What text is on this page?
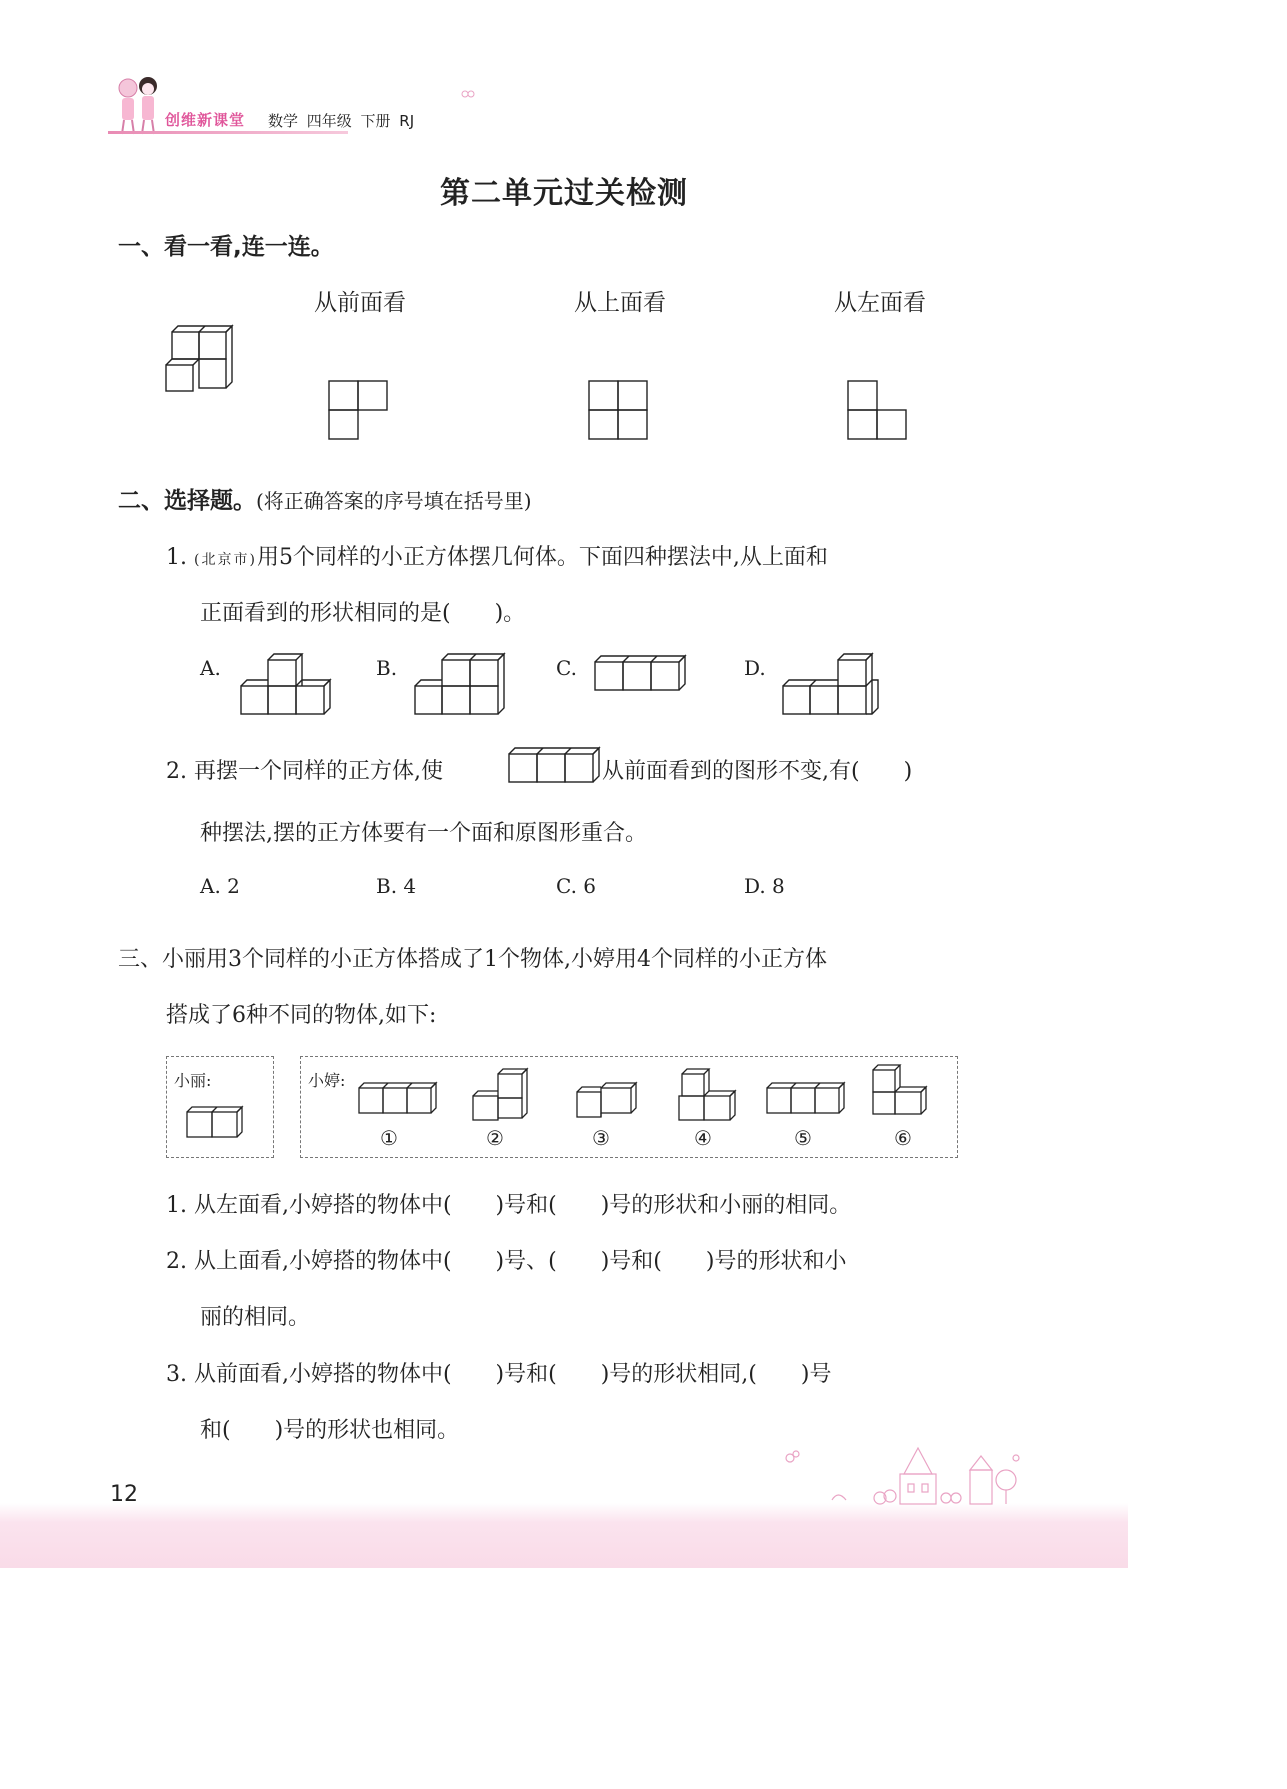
创维新课堂 数学 四年级 下册 RJ
第二单元过关检测
一、看一看,连一连。
从前面看	从上面看	从左面看
二、选择题。(将正确答案的序号填在括号里)
1. (北京市)用5个同样的小正方体摆几何体。下面四种摆法中,从上面和
正面看到的形状相同的是(　　)。
A.	B.	C.	D.
2. 再摆一个同样的正方体,使	从前面看到的图形不变,有(　　)
种摆法,摆的正方体要有一个面和原图形重合。
A. 2	B. 4	C. 6	D. 8
三、小丽用3个同样的小正方体搭成了1个物体,小婷用4个同样的小正方体
搭成了6种不同的物体,如下:
小丽:	小婷:
①	②	③	④	⑤	⑥
1. 从左面看,小婷搭的物体中(　　)号和(　　)号的形状和小丽的相同。
2. 从上面看,小婷搭的物体中(　　)号、(　　)号和(　　)号的形状和小
丽的相同。
3. 从前面看,小婷搭的物体中(　　)号和(　　)号的形状相同,(　　)号
和(　　)号的形状也相同。
12
